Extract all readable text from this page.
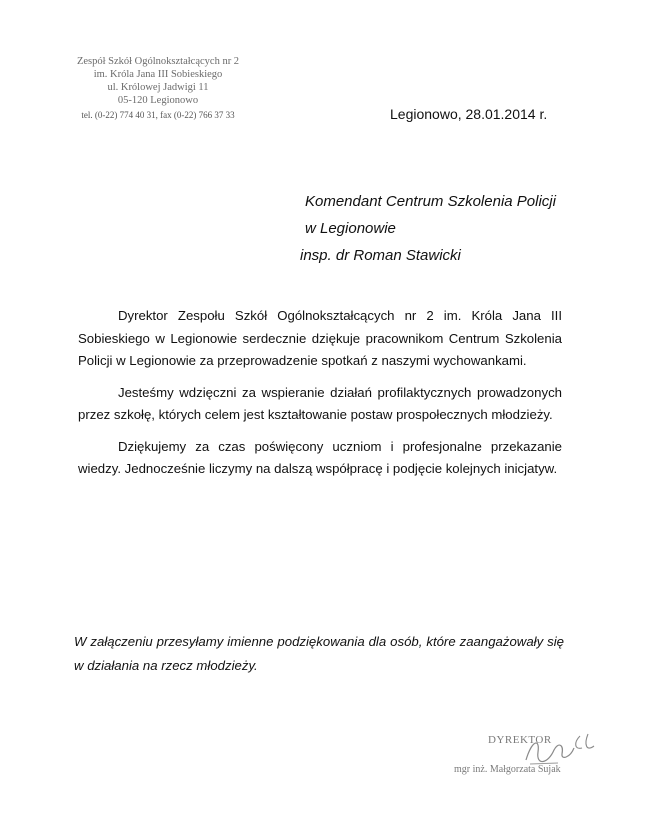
Zespół Szkół Ogólnokształcących nr 2
im. Króla Jana III Sobieskiego
ul. Królowej Jadwigi 11
05-120 Legionowo
tel. (0-22) 774 40 31, fax (0-22) 766 37 33	Legionowo, 28.01.2014 r.
Komendant Centrum Szkolenia Policji
w Legionowie
insp. dr Roman Stawicki

Dyrektor Zespołu Szkół Ogólnokształcących nr 2 im. Króla Jana III Sobieskiego w Legionowie serdecznie dziękuje pracownikom Centrum Szkolenia Policji w Legionowie za przeprowadzenie spotkań z naszymi wychowankami.

Jesteśmy wdzięczni za wspieranie działań profilaktycznych prowadzonych przez szkołę, których celem jest kształtowanie postaw prospołecznych młodzieży.

Dziękujemy za czas poświęcony uczniom i profesjonalne przekazanie wiedzy. Jednocześnie liczymy na dalszą współpracę i podjęcie kolejnych inicjatyw.

W załączeniu przesyłamy imienne podziękowania dla osób, które zaangażowały się w działania na rzecz młodzieży.
DYREKTOR
mgr inż. Małgorzata Sujak
